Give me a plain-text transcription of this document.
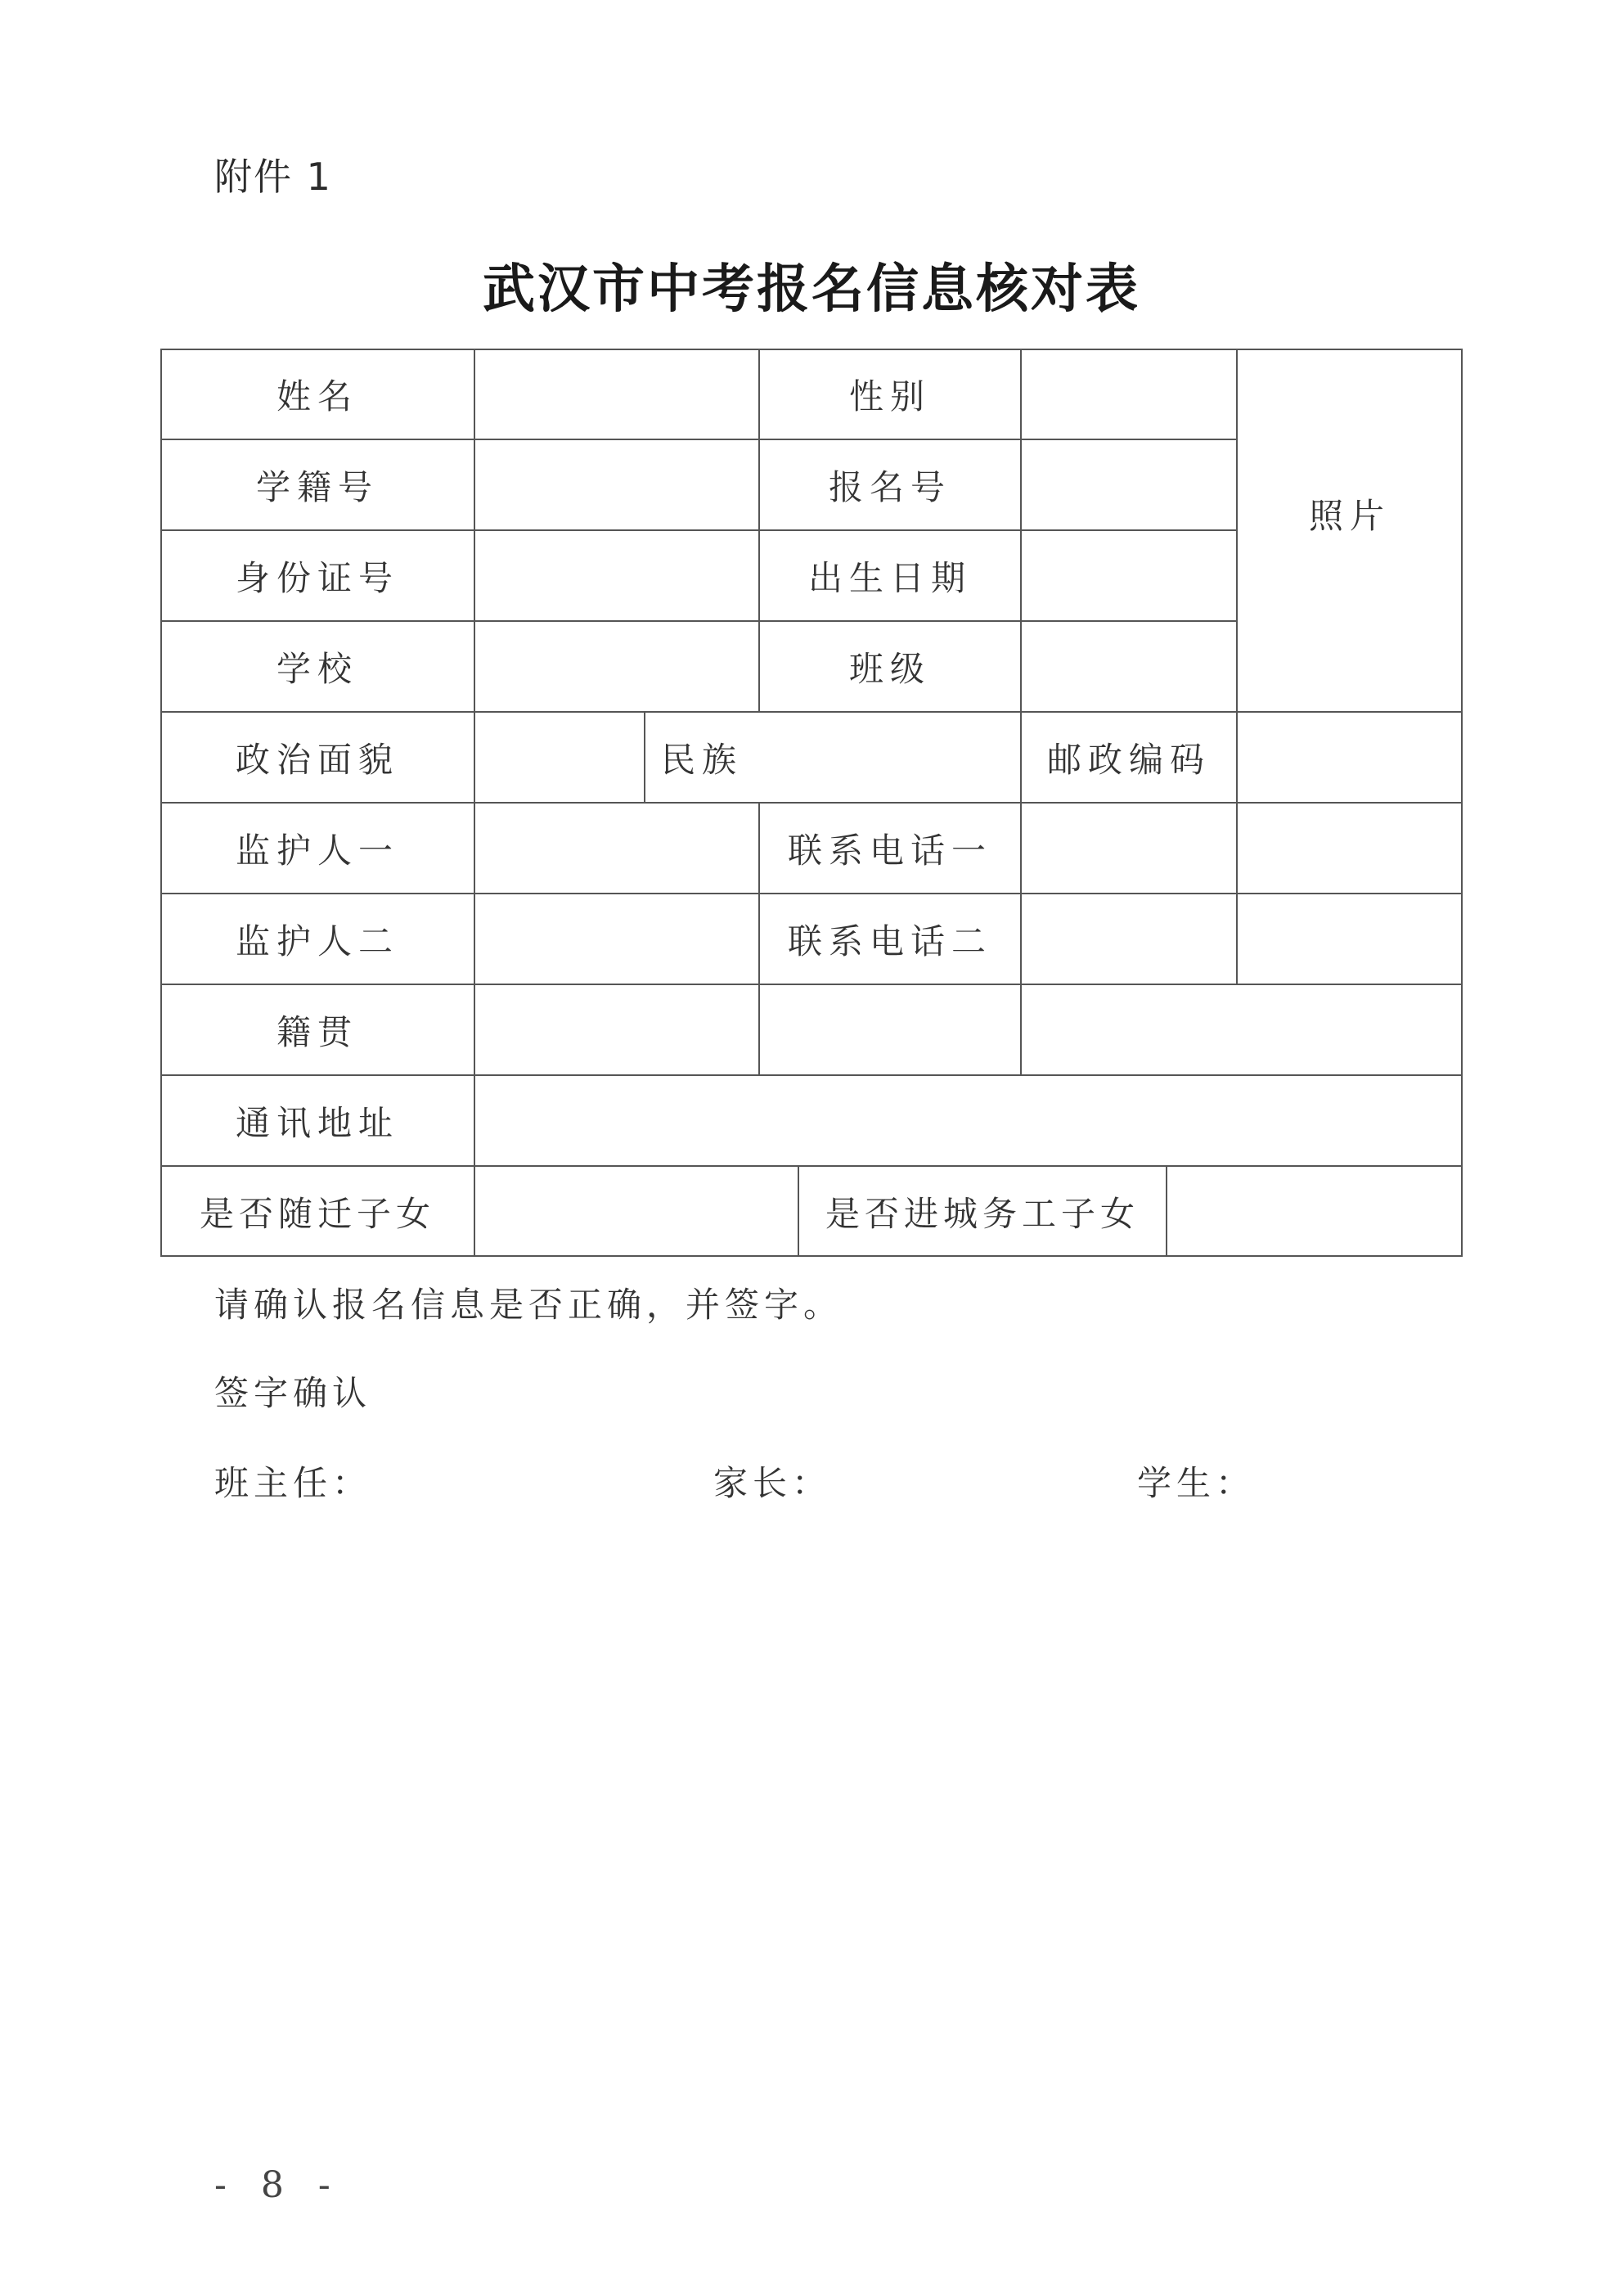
附件 1
武汉市中考报名信息核对表
姓名	性别
照片
学籍号	报名号
身份证号	出生日期
学校	班级
政治面貌	民族	邮政编码
监护人一	联系电话一
监护人二	联系电话二
籍贯
通讯地址
是否随迁子女	是否进城务工子女
请确认报名信息是否正确，并签字。
签字确认
班主任：	家长：	学生：
- 8 -
